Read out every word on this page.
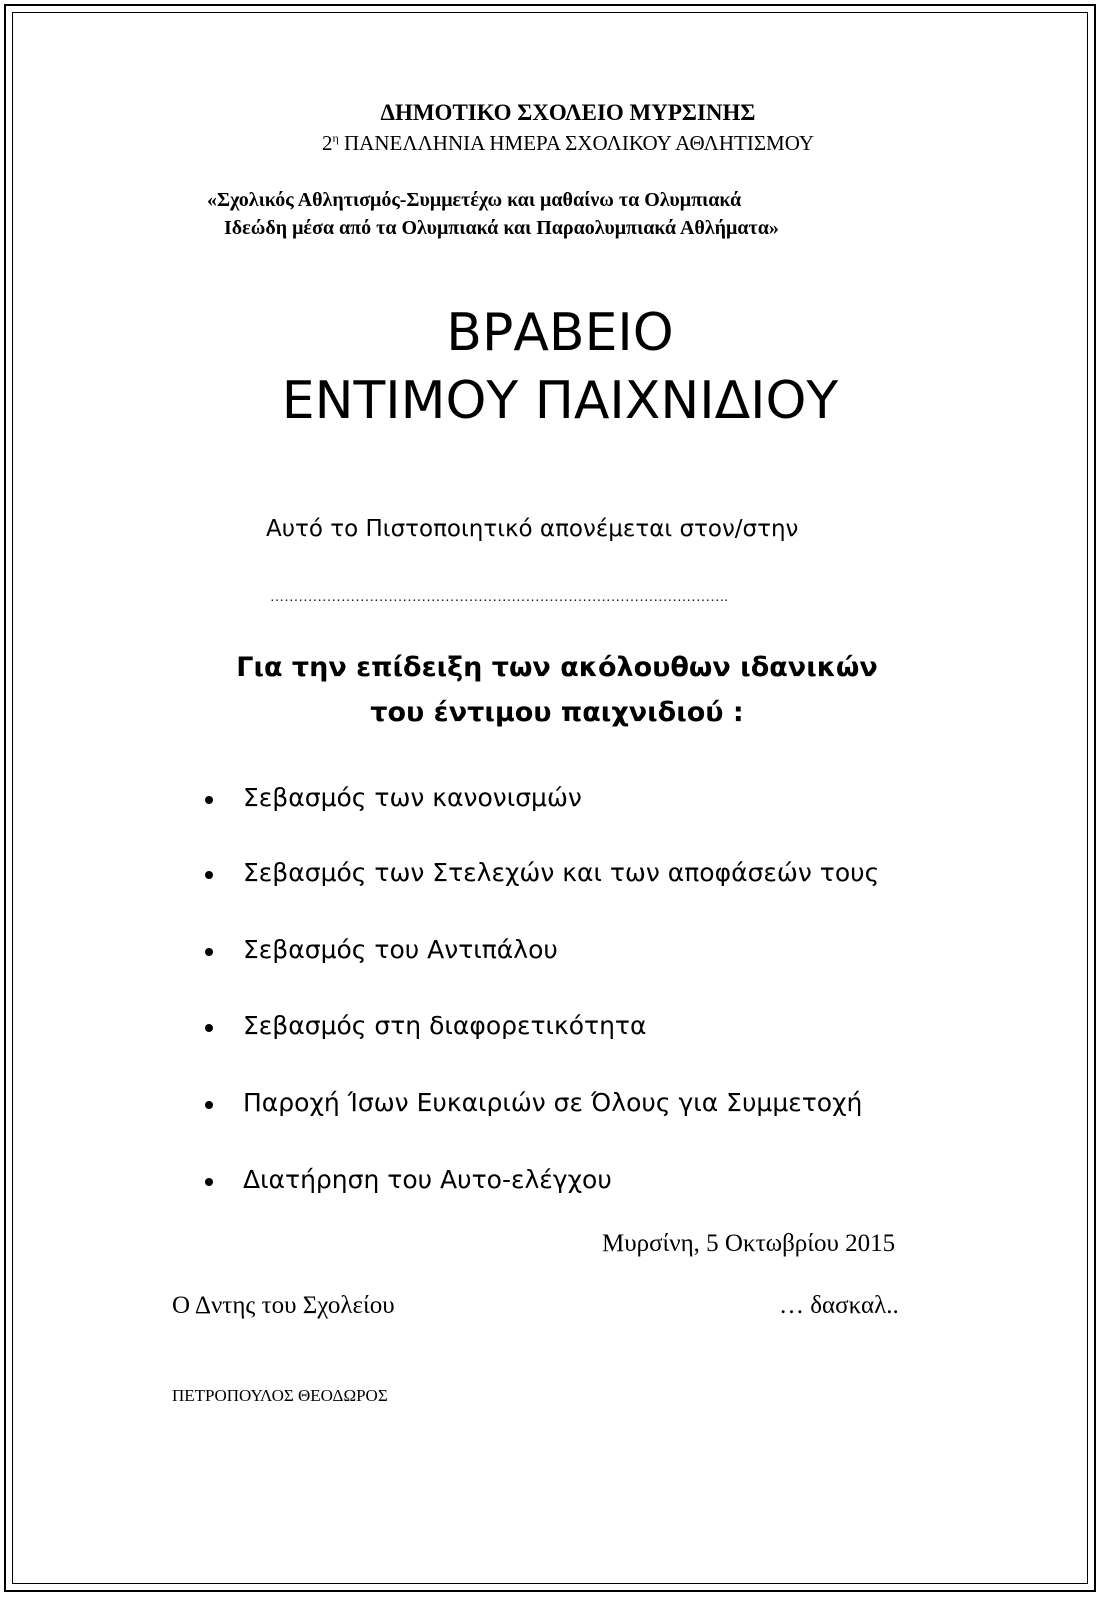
ΔΗΜΟΤΙΚΟ ΣΧΟΛΕΙΟ ΜΥΡΣΙΝΗΣ
$2^\eta$ ΠΑΝΕΛΛΗΝΙΑ ΗΜΕΡΑ ΣΧΟΛΙΚΟΥ ΑΘΛΗΤΙΣΜΟΥ
«Σχολικός Αθλητισμός-Συμμετέχω και μαθαίνω τα Ολυμπιακά
Ιδεώδη μέσα από τα Ολυμπιακά και Παραολυμπιακά Αθλήματα»
ΒΡΑΒΕΙΟ
ΕΝΤΙΜΟΥ ΠΑΙΧΝΙΔΙΟΥ
Αυτό το Πιστοποιητικό απονέμεται στον/στην
…………………………………………………………………………………….
Για την επίδειξη των ακόλουθων ιδανικών
του έντιμου παιχνιδιού :
Σεβασμός των κανονισμών
Σεβασμός των Στελεχών και των αποφάσεών τους
Σεβασμός του Αντιπάλου
Σεβασμός στη διαφορετικότητα
Παροχή Ίσων Ευκαιριών σε Όλους για Συμμετοχή
Διατήρηση του Αυτο-ελέγχου
Μυρσίνη, 5 Οκτωβρίου 2015
Ο Δντης του Σχολείου	… δασκαλ..
ΠΕΤΡΟΠΟΥΛΟΣ ΘΕΟΔΩΡΟΣ
